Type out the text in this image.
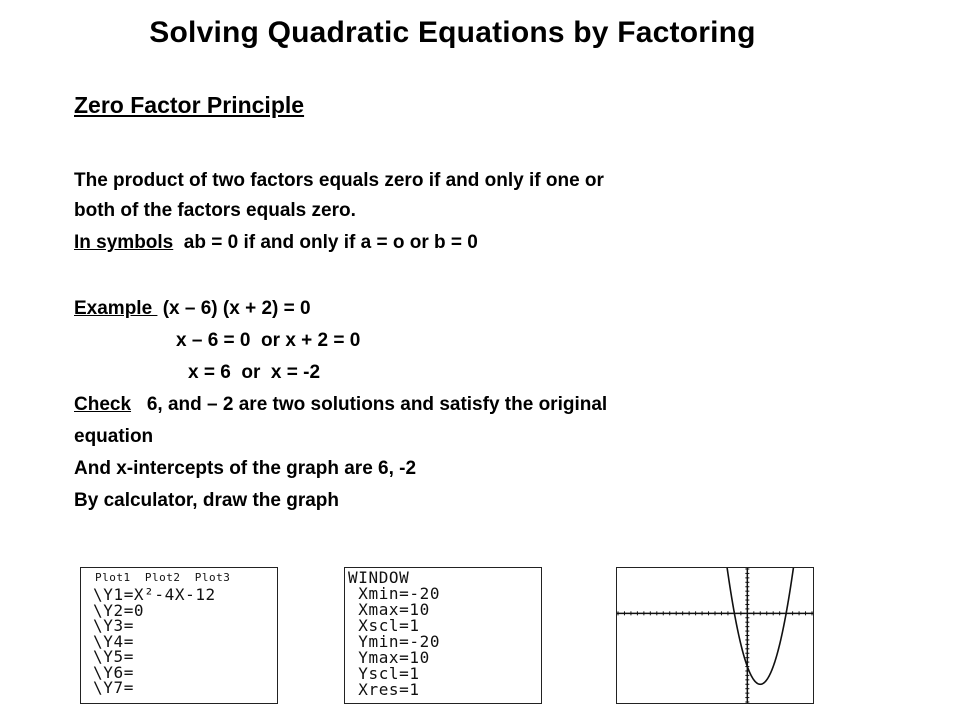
Solving Quadratic Equations by Factoring
Zero Factor Principle
The product of two factors equals zero if and only if one or
both of the factors equals zero.
In symbols  ab = 0 if and only if a = o or b = 0
Example  (x – 6) (x + 2) = 0
x – 6 = 0  or x + 2 = 0
x = 6  or  x = -2
Check   6, and – 2 are two solutions and satisfy the original
equation
And x-intercepts of the graph are 6, -2
By calculator, draw the graph

Plot1  Plot2  Plot3

\Y1=X²-4X-12
\Y2=0
\Y3=
\Y4=
\Y5=
\Y6=
\Y7=

WINDOW
Xmin=-20
Xmax=10
Xscl=1
Ymin=-20
Ymax=10
Yscl=1
Xres=1
